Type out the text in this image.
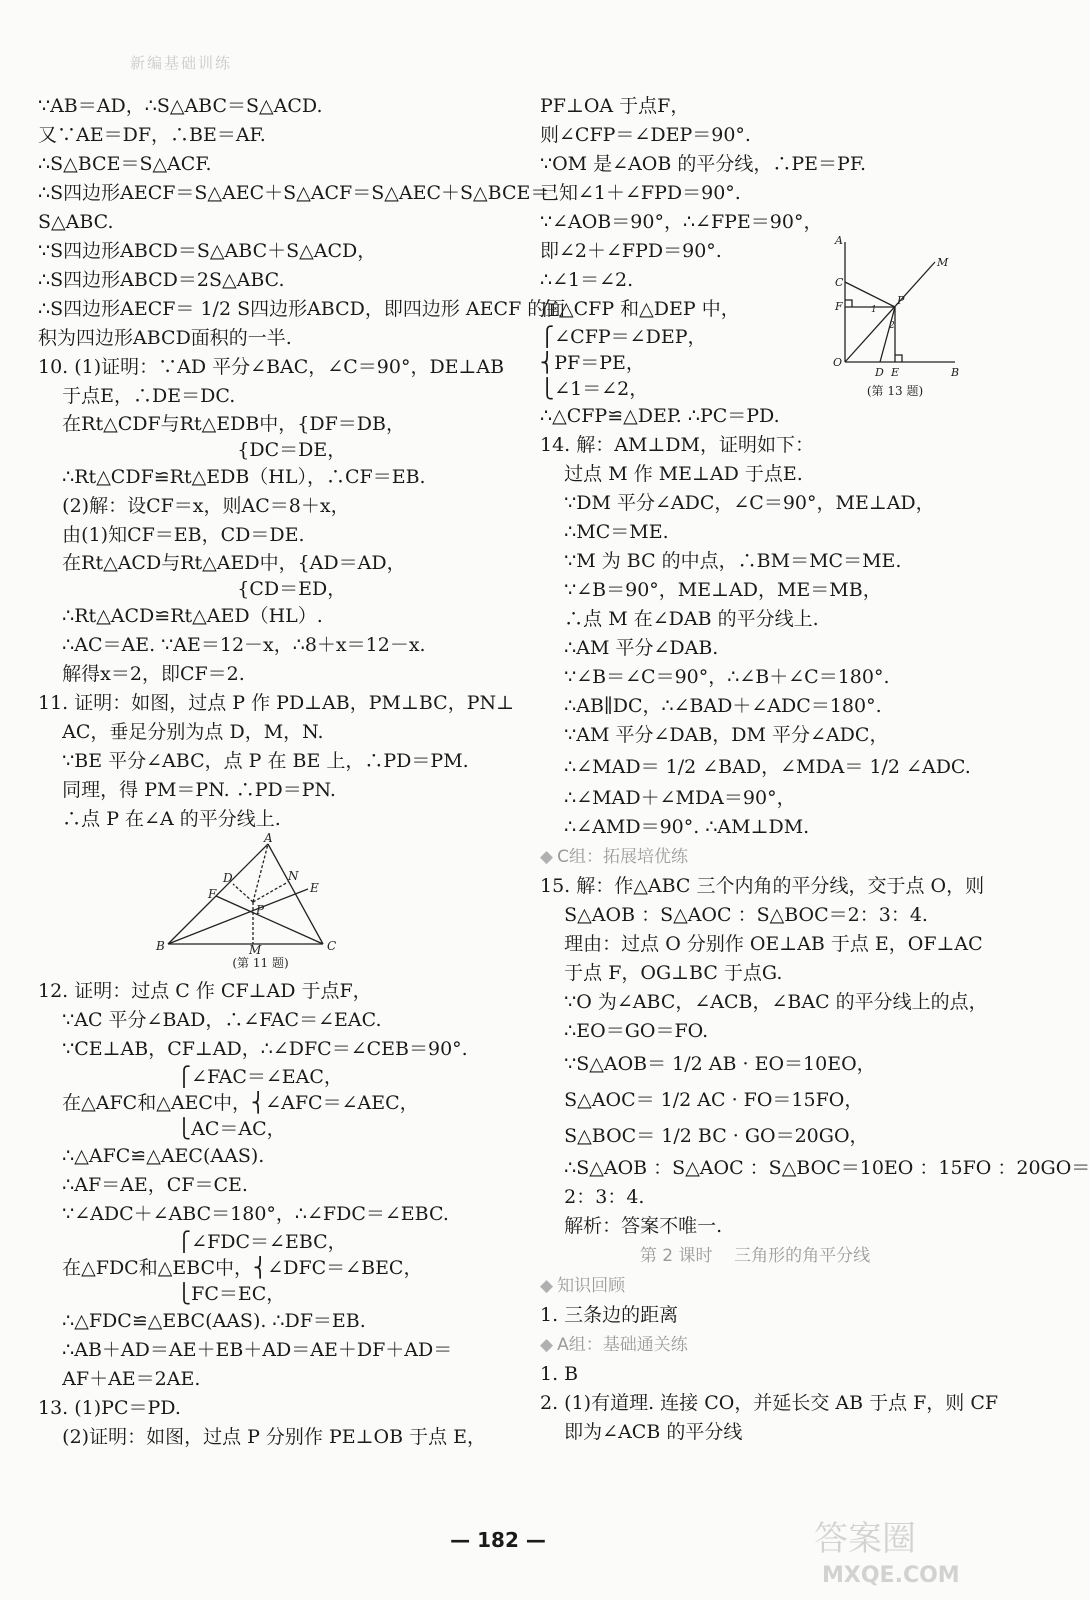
新编基础训练
∵AB＝AD，∴S△ABC＝S△ACD.
又∵AE＝DF，∴BE＝AF.
∴S△BCE＝S△ACF.
∴S四边形AECF＝S△AEC＋S△ACF＝S△AEC＋S△BCE＝
S△ABC.
∵S四边形ABCD＝S△ABC＋S△ACD，
∴S四边形ABCD＝2S△ABC.
∴S四边形AECF＝ 1/2 S四边形ABCD，即四边形 AECF 的面
积为四边形ABCD面积的一半.
10. (1)证明：∵AD 平分∠BAC，∠C＝90°，DE⊥AB
于点E，∴DE＝DC.
在Rt△CDF与Rt△EDB中，{DF＝DB，
{DC＝DE，
∴Rt△CDF≌Rt△EDB（HL），∴CF＝EB.
(2)解：设CF＝x，则AC＝8＋x，
由(1)知CF＝EB，CD＝DE.
在Rt△ACD与Rt△AED中，{AD＝AD，
{CD＝ED，
∴Rt△ACD≌Rt△AED（HL）.
∴AC＝AE. ∵AE＝12－x，∴8＋x＝12－x.
解得x＝2，即CF＝2.
11. 证明：如图，过点 P 作 PD⊥AB，PM⊥BC，PN⊥
AC，垂足分别为点 D，M，N.
∵BE 平分∠ABC，点 P 在 BE 上，∴PD＝PM.
同理，得 PM＝PN. ∴PD＝PN.
∴点 P 在∠A 的平分线上.
A
B	C
D
F
N
E
P
M
(第 11 题)
12. 证明：过点 C 作 CF⊥AD 于点F，
∵AC 平分∠BAD，∴∠FAC＝∠EAC.
∵CE⊥AB，CF⊥AD，∴∠DFC＝∠CEB＝90°.
⎧∠FAC＝∠EAC，
在△AFC和△AEC中，⎨∠AFC＝∠AEC，
⎩AC＝AC，
∴△AFC≌△AEC(AAS).
∴AF＝AE，CF＝CE.
∵∠ADC＋∠ABC＝180°，∴∠FDC＝∠EBC.
⎧∠FDC＝∠EBC，
在△FDC和△EBC中，⎨∠DFC＝∠BEC，
⎩FC＝EC，
∴△FDC≌△EBC(AAS). ∴DF＝EB.
∴AB＋AD＝AE＋EB＋AD＝AE＋DF＋AD＝
AF＋AE＝2AE.
13. (1)PC＝PD.
(2)证明：如图，过点 P 分别作 PE⊥OB 于点 E，
PF⊥OA 于点F，
则∠CFP＝∠DEP＝90°.
∵OM 是∠AOB 的平分线，∴PE＝PF.
已知∠1＋∠FPD＝90°.
∵∠AOB＝90°，∴∠FPE＝90°，
即∠2＋∠FPD＝90°.
∴∠1＝∠2.
在△CFP 和△DEP 中，
⎧∠CFP＝∠DEP，
⎨PF＝PE，
⎩∠1＝∠2，
∴△CFP≌△DEP. ∴PC＝PD.
A
M
C
F	P
O
D E	B
1
2
(第 13 题)
14. 解：AM⊥DM，证明如下：
过点 M 作 ME⊥AD 于点E.
∵DM 平分∠ADC，∠C＝90°，ME⊥AD，
∴MC＝ME.
∵M 为 BC 的中点，∴BM＝MC＝ME.
∵∠B＝90°，ME⊥AD，ME＝MB，
∴点 M 在∠DAB 的平分线上.
∴AM 平分∠DAB.
∵∠B＝∠C＝90°，∴∠B＋∠C＝180°.
∴AB∥DC，∴∠BAD＋∠ADC＝180°.
∵AM 平分∠DAB，DM 平分∠ADC，
∴∠MAD＝ 1/2 ∠BAD，∠MDA＝ 1/2 ∠ADC.
∴∠MAD＋∠MDA＝90°，
∴∠AMD＝90°. ∴AM⊥DM.
◆ C组：拓展培优练
15. 解：作△ABC 三个内角的平分线，交于点 O，则
S△AOB ：S△AOC ：S△BOC＝2：3：4.
理由：过点 O 分别作 OE⊥AB 于点 E，OF⊥AC
于点 F，OG⊥BC 于点G.
∵O 为∠ABC，∠ACB，∠BAC 的平分线上的点，
∴EO＝GO＝FO.
∵S△AOB＝ 1/2 AB · EO＝10EO，
S△AOC＝ 1/2 AC · FO＝15FO，
S△BOC＝ 1/2 BC · GO＝20GO，
∴S△AOB ：S△AOC ：S△BOC＝10EO ：15FO ：20GO＝
2：3：4.
解析：答案不唯一.
第 2 课时    三角形的角平分线
◆ 知识回顾
1. 三条边的距离
◆ A组：基础通关练
1. B
2. (1)有道理. 连接 CO，并延长交 AB 于点 F，则 CF
即为∠ACB 的平分线
— 182 —	答案圈
MXQE.COM
